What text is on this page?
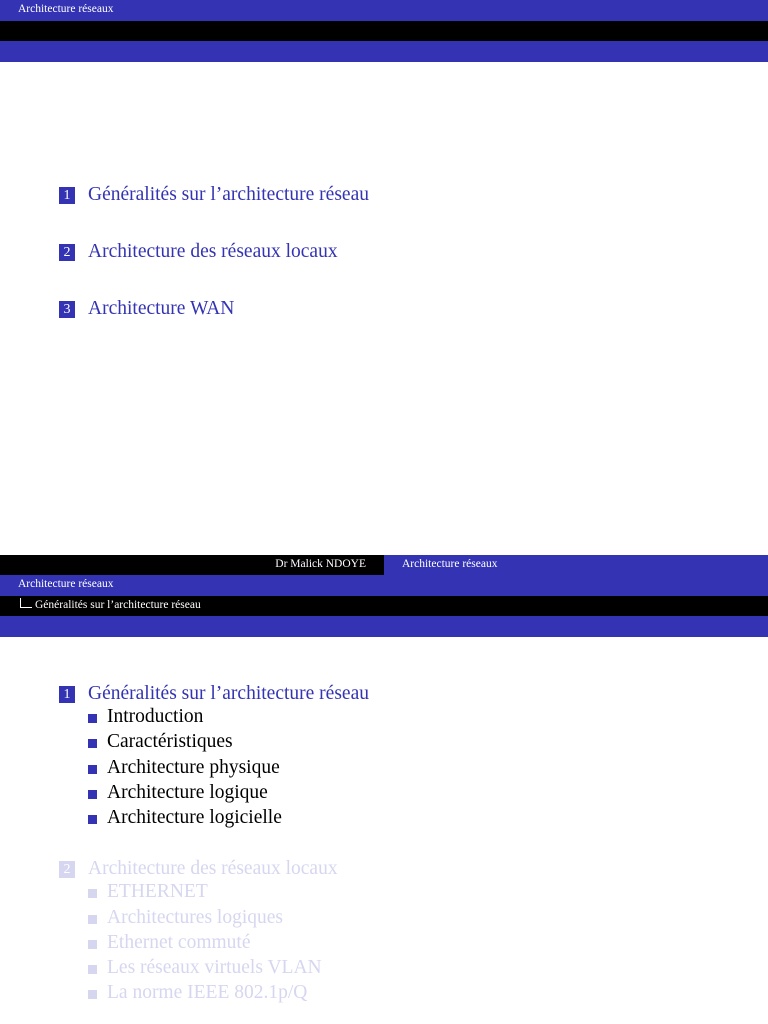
Architecture réseaux
1 Généralités sur l’architecture réseau
2 Architecture des réseaux locaux
3 Architecture WAN
Dr Malick NDOYE	Architecture réseaux
Architecture réseaux
Généralités sur l’architecture réseau
1 Généralités sur l’architecture réseau
Introduction
Caractéristiques
Architecture physique
Architecture logique
Architecture logicielle
2 Architecture des réseaux locaux
ETHERNET
Architectures logiques
Ethernet commuté
Les réseaux virtuels VLAN
La norme IEEE 802.1p/Q
